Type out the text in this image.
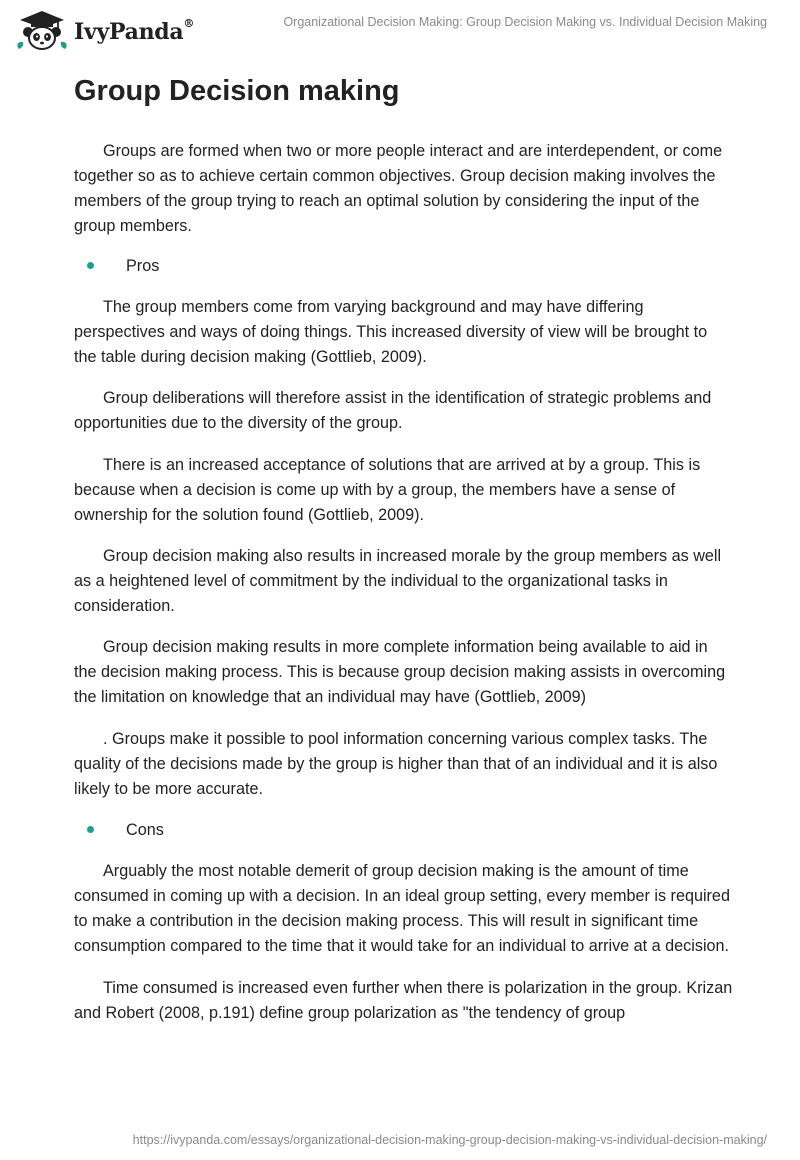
IvyPanda®	Organizational Decision Making: Group Decision Making vs. Individual Decision Making
Group Decision making

Groups are formed when two or more people interact and are interdependent, or come together so as to achieve certain common objectives. Group decision making involves the members of the group trying to reach an optimal solution by considering the input of the group members.

Pros

The group members come from varying background and may have differing perspectives and ways of doing things. This increased diversity of view will be brought to the table during decision making (Gottlieb, 2009).

Group deliberations will therefore assist in the identification of strategic problems and opportunities due to the diversity of the group.

There is an increased acceptance of solutions that are arrived at by a group. This is because when a decision is come up with by a group, the members have a sense of ownership for the solution found (Gottlieb, 2009).

Group decision making also results in increased morale by the group members as well as a heightened level of commitment by the individual to the organizational tasks in consideration.

Group decision making results in more complete information being available to aid in the decision making process. This is because group decision making assists in overcoming the limitation on knowledge that an individual may have (Gottlieb, 2009)

. Groups make it possible to pool information concerning various complex tasks. The quality of the decisions made by the group is higher than that of an individual and it is also likely to be more accurate.

Cons

Arguably the most notable demerit of group decision making is the amount of time consumed in coming up with a decision. In an ideal group setting, every member is required to make a contribution in the decision making process. This will result in significant time consumption compared to the time that it would take for an individual to arrive at a decision.

Time consumed is increased even further when there is polarization in the group. Krizan and Robert (2008, p.191) define group polarization as "the tendency of group

https://ivypanda.com/essays/organizational-decision-making-group-decision-making-vs-individual-decision-making/
